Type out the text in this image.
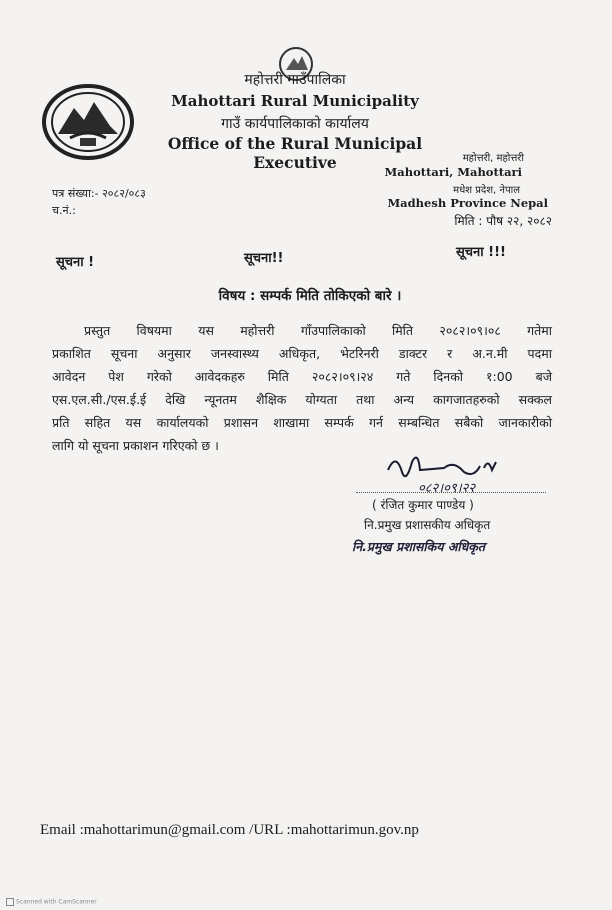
महोत्तरी गाउँपालिका
Mahottari Rural Municipality
गाउँ कार्यपालिकाको कार्यालय
Office of the Rural Municipal Executive	महोत्तरी, महोत्तरी
Mahottari, Mahottari
मधेश प्रदेश, नेपाल
Madhesh Province Nepal
मिति : पौष २२, २०८२
पत्र संख्या:- २०८२/०८३
च.नं.:
सूचना !	सूचना!!	सूचना !!!
विषय : सम्पर्क मिति तोकिएको बारे ।
प्रस्तुत विषयमा यस महोत्तरी गाँउपालिकाको मिति २०८२।०९।०८ गतेमा
प्रकाशित सूचना अनुसार जनस्वास्थ्य अधिकृत, भेटरिनरी डाक्टर र अ.न.मी पदमा
आवेदन पेश गरेको आवेदकहरु मिति २०८२।०९।२४ गते दिनको १:00 बजे
एस.एल.सी./एस.ई.ई देखि न्यूनतम शैक्षिक योग्यता तथा अन्य कागजातहरुको सक्कल
प्रति सहित यस कार्यालयको प्रशासन शाखामा सम्पर्क गर्न सम्बन्धित सबैको जानकारीको
लागि यो सूचना प्रकाशन गरिएको छ ।
०८२।०९।२२
( रंजित कुमार पाण्डेय )
नि.प्रमुख प्रशासकीय अधिकृत
नि.प्रमुख प्रशासकिय अधिकृत
Email :mahottarimun@gmail.com /URL :mahottarimun.gov.np
Scanned with CamScanner
